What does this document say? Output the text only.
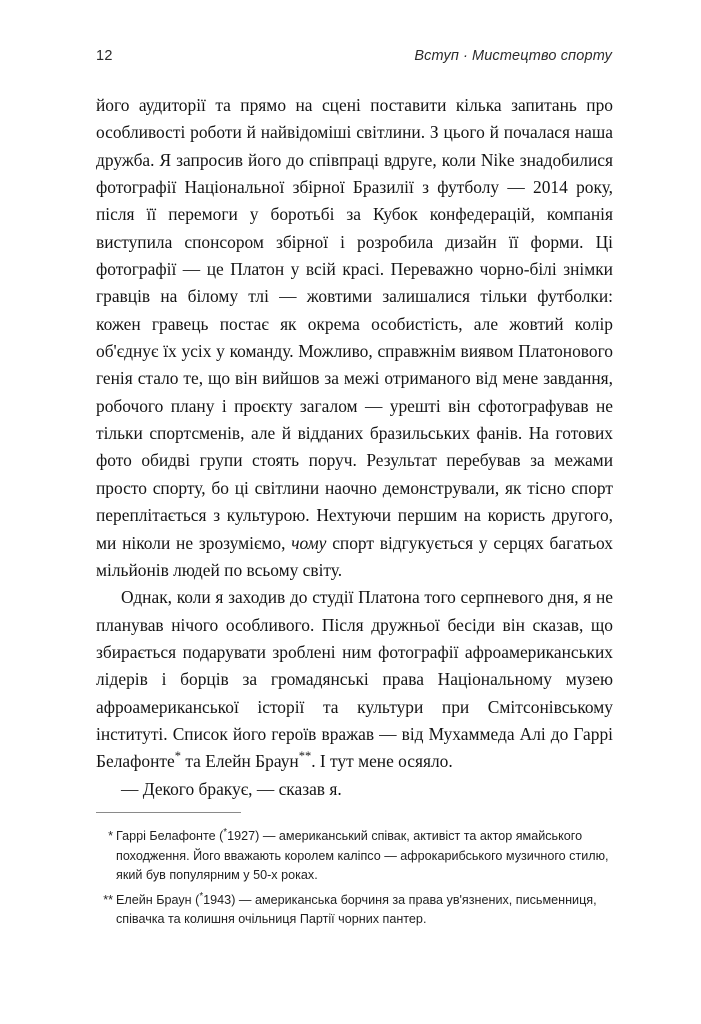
12	Вступ · Мистецтво спорту

його аудиторії та прямо на сцені поставити кілька запитань про особливості роботи й найвідоміші світлини. З цього й почалася наша дружба. Я запросив його до співпраці вдруге, коли Nike знадобилися фотографії Національної збірної Бразилії з футболу — 2014 року, після її перемоги у боротьбі за Кубок конфедерацій, компанія виступила спонсором збірної і розробила дизайн її форми. Ці фотографії — це Платон у всій красі. Переважно чорно-білі знімки гравців на білому тлі — жовтими залишалися тільки футболки: кожен гравець постає як окрема особистість, але жовтий колір об'єднує їх усіх у команду. Можливо, справжнім виявом Платонового генія стало те, що він вийшов за межі отриманого від мене завдання, робочого плану і проєкту загалом — урешті він сфотографував не тільки спортсменів, але й відданих бразильських фанів. На готових фото обидві групи стоять поруч. Результат перебував за межами просто спорту, бо ці світлини наочно демонстрували, як тісно спорт переплітається з культурою. Нехтуючи першим на користь другого, ми ніколи не зрозуміємо, чому спорт відгукується у серцях багатьох мільйонів людей по всьому світу.

Однак, коли я заходив до студії Платона того серпневого дня, я не планував нічого особливого. Після дружньої бесіди він сказав, що збирається подарувати зроблені ним фотографії афроамериканських лідерів і борців за громадянські права Національному музею афроамериканської історії та культури при Смітсонівському інституті. Список його героїв вражав — від Мухаммеда Алі до Гаррі Белафонте* та Елейн Браун**. І тут мене осяяло.

— Декого бракує, — сказав я.

* Гаррі Белафонте (*1927) — американський співак, активіст та актор ямайського походження. Його вважають королем каліпсо — афрокарибського музичного стилю, який був популярним у 50-х роках.
** Елейн Браун (*1943) — американська борчиня за права ув'язнених, письменниця, співачка та колишня очільниця Партії чорних пантер.
